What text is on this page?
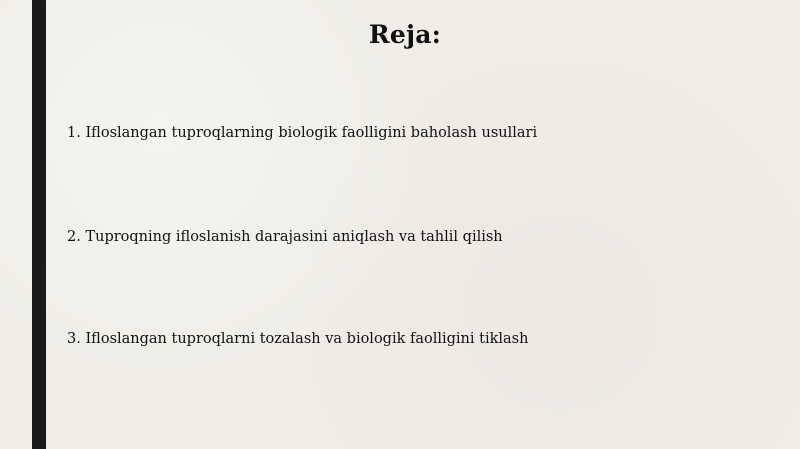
Reja:
1. Ifloslangan tuproqlarning biologik faolligini baholash usullari
2. Tuproqning ifloslanish darajasini aniqlash va tahlil qilish
3. Ifloslangan tuproqlarni tozalash va biologik faolligini tiklash
